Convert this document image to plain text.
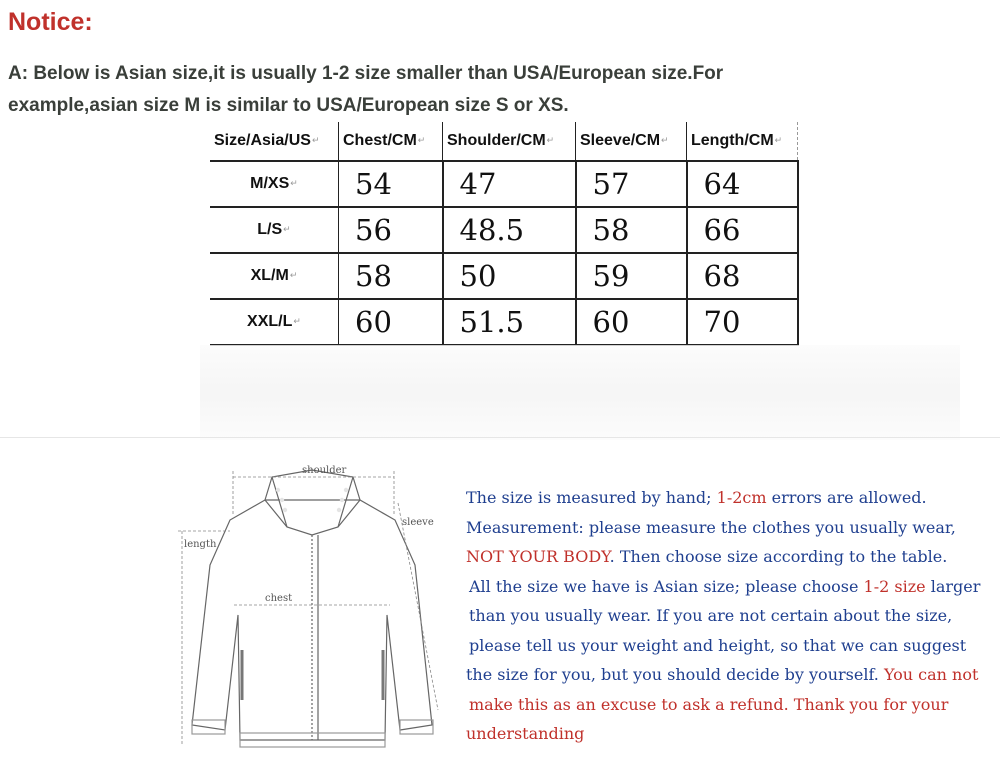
Notice:
A: Below is Asian size,it is usually 1-2 size smaller than USA/European size.For
example,asian size M is similar to USA/European size S or XS.
Size/Asia/US↵	Chest/CM↵	Shoulder/CM↵	Sleeve/CM↵	Length/CM↵
M/XS↵	54	47	57	64
L/S↵	56	48.5	58	66
XL/M↵	58	50	59	68
XXL/L↵	60	51.5	60	70
shoulder
sleeve
length
chest
The size is measured by hand; 1-2cm errors are allowed.
Measurement: please measure the clothes you usually wear,
NOT YOUR BODY. Then choose size according to the table.
All the size we have is Asian size; please choose 1-2 size larger
than you usually wear. If you are not certain about the size,
please tell us your weight and height, so that we can suggest
the size for you, but you should decide by yourself. You can not
make this as an excuse to ask a refund. Thank you for your
understanding
